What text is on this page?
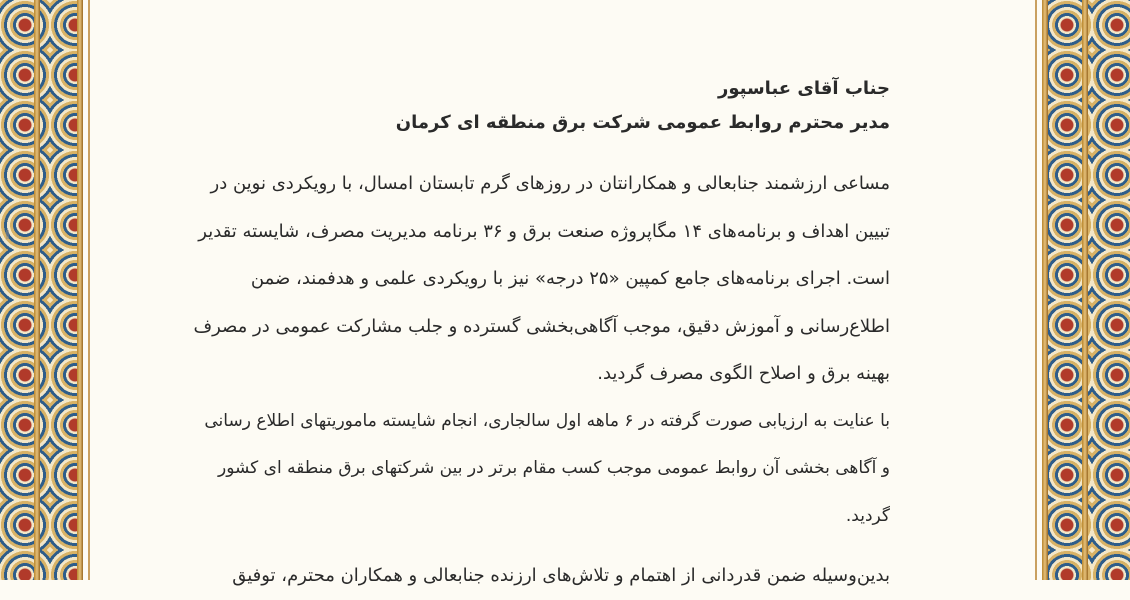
جناب آقای عباسپور
مدیر محترم روابط عمومی شرکت برق منطقه ای کرمان
مساعی ارزشمند جنابعالی و همکارانتان در روزهای گرم تابستان امسال، با رویکردی نوین در
تبیین اهداف و برنامه‌های ۱۴ مگاپروژه صنعت برق و ۳۶ برنامه مدیریت مصرف، شایسته تقدیر
است. اجرای برنامه‌های جامع کمپین «۲۵ درجه» نیز با رویکردی علمی و هدفمند، ضمن
اطلاع‌رسانی و آموزش دقیق، موجب آگاهی‌بخشی گسترده و جلب مشارکت عمومی در مصرف
بهینه برق و اصلاح الگوی مصرف گردید.
با عنایت به ارزیابی صورت گرفته در ۶ ماهه اول سالجاری، انجام شایسته ماموریتهای اطلاع رسانی
و آگاهی بخشی آن روابط عمومی موجب کسب مقام برتر در بین شرکتهای برق منطقه ای کشور
گردید.
بدین‌وسیله ضمن قدردانی از اهتمام و تلاش‌های ارزنده جنابعالی و همکاران محترم، توفیق
